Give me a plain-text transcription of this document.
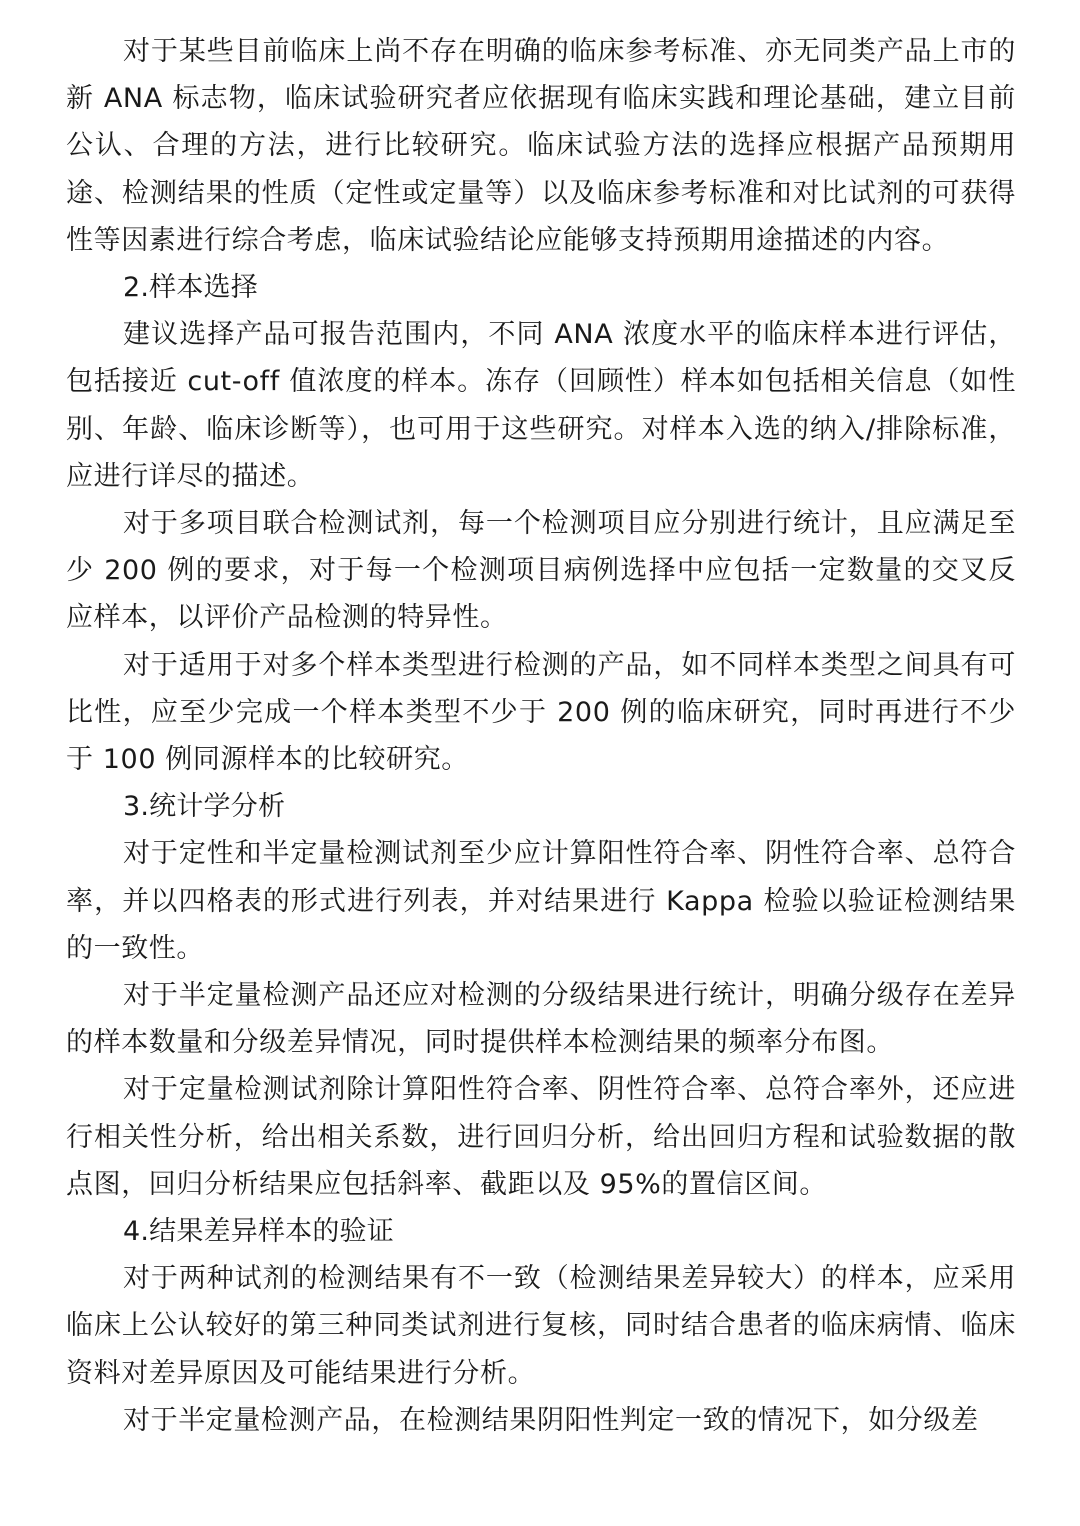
对于某些目前临床上尚不存在明确的临床参考标准、亦无同类产品上市的新 ANA 标志物，临床试验研究者应依据现有临床实践和理论基础，建立目前公认、合理的方法，进行比较研究。临床试验方法的选择应根据产品预期用途、检测结果的性质（定性或定量等）以及临床参考标准和对比试剂的可获得性等因素进行综合考虑，临床试验结论应能够支持预期用途描述的内容。

2.样本选择

建议选择产品可报告范围内，不同 ANA 浓度水平的临床样本进行评估，包括接近 cut-off 值浓度的样本。冻存（回顾性）样本如包括相关信息（如性别、年龄、临床诊断等），也可用于这些研究。对样本入选的纳入/排除标准，应进行详尽的描述。

对于多项目联合检测试剂，每一个检测项目应分别进行统计，且应满足至少 200 例的要求，对于每一个检测项目病例选择中应包括一定数量的交叉反应样本，以评价产品检测的特异性。

对于适用于对多个样本类型进行检测的产品，如不同样本类型之间具有可比性，应至少完成一个样本类型不少于 200 例的临床研究，同时再进行不少于 100 例同源样本的比较研究。

3.统计学分析

对于定性和半定量检测试剂至少应计算阳性符合率、阴性符合率、总符合率，并以四格表的形式进行列表，并对结果进行 Kappa 检验以验证检测结果的一致性。

对于半定量检测产品还应对检测的分级结果进行统计，明确分级存在差异的样本数量和分级差异情况，同时提供样本检测结果的频率分布图。

对于定量检测试剂除计算阳性符合率、阴性符合率、总符合率外，还应进行相关性分析，给出相关系数，进行回归分析，给出回归方程和试验数据的散点图，回归分析结果应包括斜率、截距以及 95%的置信区间。

4.结果差异样本的验证

对于两种试剂的检测结果有不一致（检测结果差异较大）的样本，应采用临床上公认较好的第三种同类试剂进行复核，同时结合患者的临床病情、临床资料对差异原因及可能结果进行分析。

对于半定量检测产品，在检测结果阴阳性判定一致的情况下，如分级差
